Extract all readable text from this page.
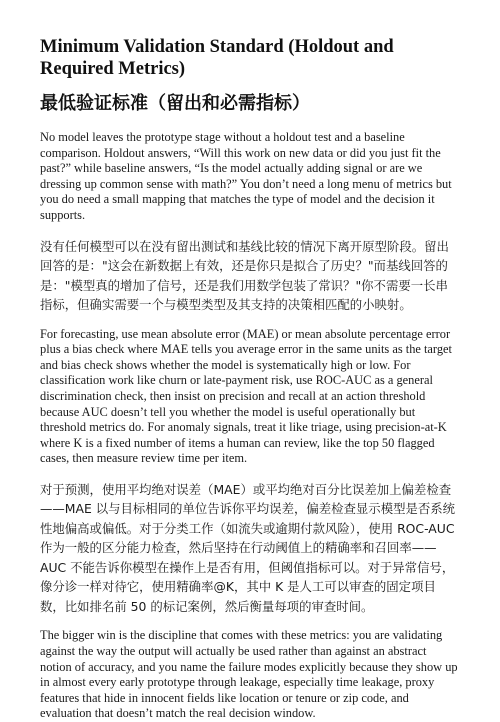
Minimum Validation Standard (Holdout and Required Metrics)
最低验证标准（留出和必需指标）

No model leaves the prototype stage without a holdout test and a baseline comparison. Holdout answers, “Will this work on new data or did you just fit the past?” while baseline answers, “Is the model actually adding signal or are we dressing up common sense with math?” You don’t need a long menu of metrics but you do need a small mapping that matches the type of model and the decision it supports.

没有任何模型可以在没有留出测试和基线比较的情况下离开原型阶段。留出回答的是："这会在新数据上有效，还是你只是拟合了历史？"而基线回答的是："模型真的增加了信号，还是我们用数学包装了常识？"你不需要一长串指标，但确实需要一个与模型类型及其支持的决策相匹配的小映射。

For forecasting, use mean absolute error (MAE) or mean absolute percentage error plus a bias check where MAE tells you average error in the same units as the target and bias check shows whether the model is systematically high or low. For classification work like churn or late-payment risk, use ROC-AUC as a general discrimination check, then insist on precision and recall at an action threshold because AUC doesn’t tell you whether the model is useful operationally but threshold metrics do. For anomaly signals, treat it like triage, using precision-at-K where K is a fixed number of items a human can review, like the top 50 flagged cases, then measure review time per item.

对于预测，使用平均绝对误差（MAE）或平均绝对百分比误差加上偏差检查——MAE 以与目标相同的单位告诉你平均误差，偏差检查显示模型是否系统性地偏高或偏低。对于分类工作（如流失或逾期付款风险），使用 ROC-AUC 作为一般的区分能力检查，然后坚持在行动阈值上的精确率和召回率——AUC 不能告诉你模型在操作上是否有用，但阈值指标可以。对于异常信号，像分诊一样对待它，使用精确率@K，其中 K 是人工可以审查的固定项目数，比如排名前 50 的标记案例，然后衡量每项的审查时间。

The bigger win is the discipline that comes with these metrics: you are validating against the way the output will actually be used rather than against an abstract notion of accuracy, and you name the failure modes explicitly because they show up in almost every early prototype through leakage, especially time leakage, proxy features that hide in innocent fields like location or tenure or zip code, and evaluation that doesn’t match the real decision window.
